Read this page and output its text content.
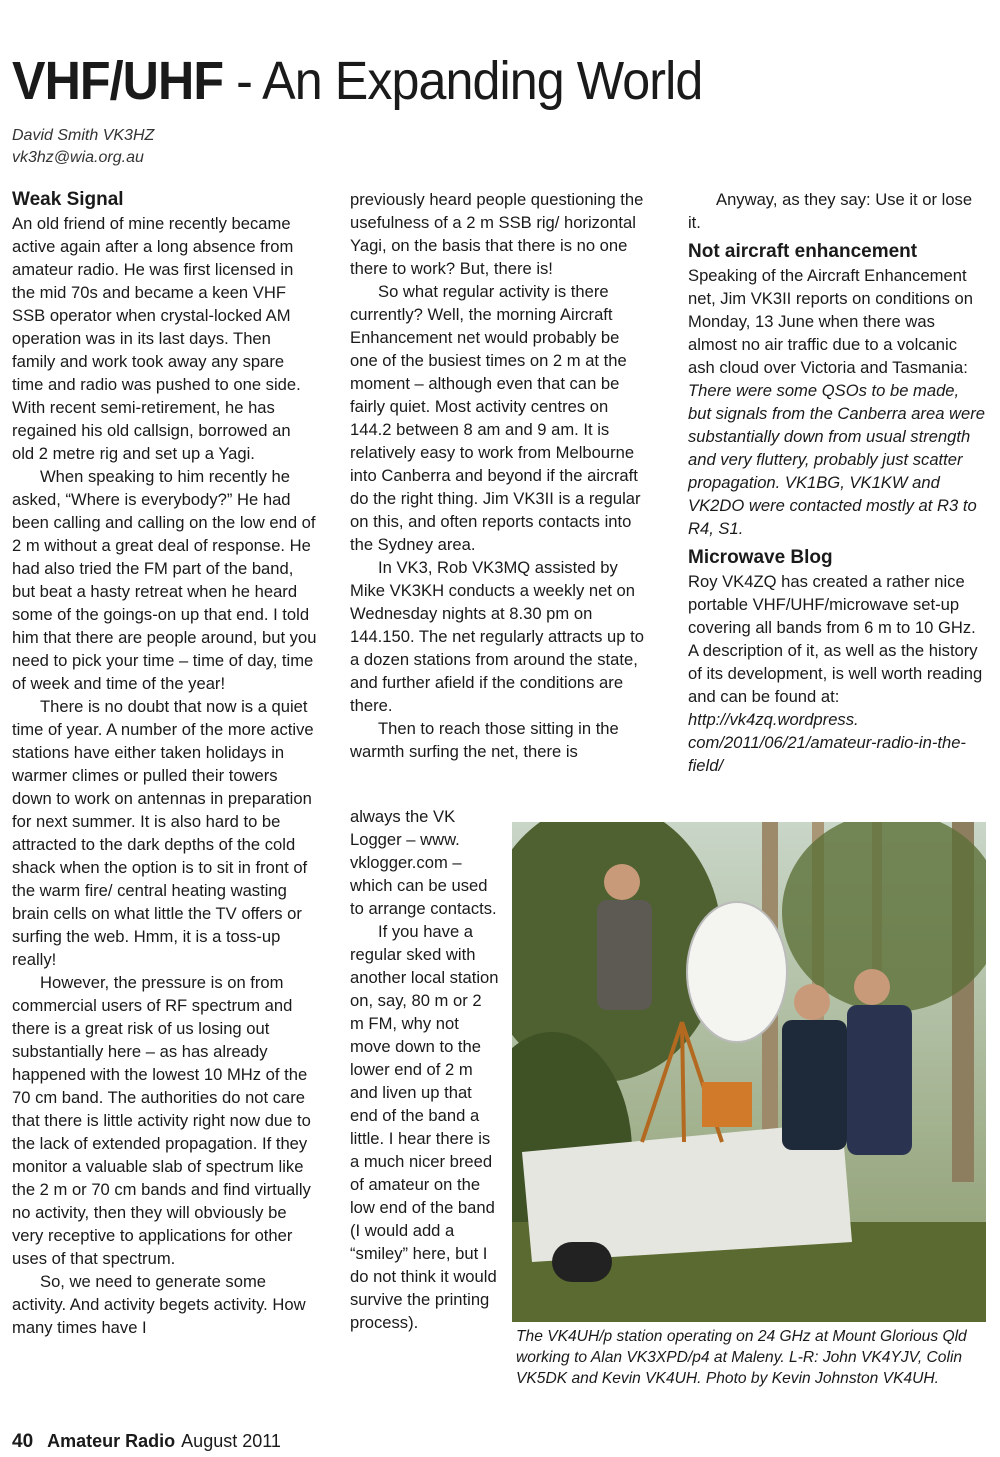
VHF/UHF - An Expanding World
David Smith VK3HZ
vk3hz@wia.org.au
Weak Signal

An old friend of mine recently became active again after a long absence from amateur radio. He was first licensed in the mid 70s and became a keen VHF SSB operator when crystal-locked AM operation was in its last days. Then family and work took away any spare time and radio was pushed to one side. With recent semi-retirement, he has regained his old callsign, borrowed an old 2 metre rig and set up a Yagi.

When speaking to him recently he asked, “Where is everybody?” He had been calling and calling on the low end of 2 m without a great deal of response. He had also tried the FM part of the band, but beat a hasty retreat when he heard some of the goings-on up that end. I told him that there are people around, but you need to pick your time – time of day, time of week and time of the year!

There is no doubt that now is a quiet time of year. A number of the more active stations have either taken holidays in warmer climes or pulled their towers down to work on antennas in preparation for next summer. It is also hard to be attracted to the dark depths of the cold shack when the option is to sit in front of the warm fire/ central heating wasting brain cells on what little the TV offers or surfing the web. Hmm, it is a toss-up really!

However, the pressure is on from commercial users of RF spectrum and there is a great risk of us losing out substantially here – as has already happened with the lowest 10 MHz of the 70 cm band. The authorities do not care that there is little activity right now due to the lack of extended propagation. If they monitor a valuable slab of spectrum like the 2 m or 70 cm bands and find virtually no activity, then they will obviously be very receptive to applications for other uses of that spectrum.

So, we need to generate some activity. And activity begets activity. How many times have I

previously heard people questioning the usefulness of a 2 m SSB rig/ horizontal Yagi, on the basis that there is no one there to work? But, there is!

So what regular activity is there currently? Well, the morning Aircraft Enhancement net would probably be one of the busiest times on 2 m at the moment – although even that can be fairly quiet. Most activity centres on 144.2 between 8 am and 9 am. It is relatively easy to work from Melbourne into Canberra and beyond if the aircraft do the right thing. Jim VK3II is a regular on this, and often reports contacts into the Sydney area.

In VK3, Rob VK3MQ assisted by Mike VK3KH conducts a weekly net on Wednesday nights at 8.30 pm on 144.150. The net regularly attracts up to a dozen stations from around the state, and further afield if the conditions are there.

Then to reach those sitting in the warmth surfing the net, there is

always the VK Logger – www. vklogger.com – which can be used to arrange contacts.

If you have a regular sked with another local station on, say, 80 m or 2 m FM, why not move down to the lower end of 2 m and liven up that end of the band a little. I hear there is a much nicer breed of amateur on the low end of the band (I would add a “smiley” here, but I do not think it would survive the printing process).

Anyway, as they say: Use it or lose it.

Not aircraft enhancement

Speaking of the Aircraft Enhancement net, Jim VK3II reports on conditions on Monday, 13 June when there was almost no air traffic due to a volcanic ash cloud over Victoria and Tasmania:

There were some QSOs to be made, but signals from the Canberra area were substantially down from usual strength and very fluttery, probably just scatter propagation. VK1BG, VK1KW and VK2DO were contacted mostly at R3 to R4, S1.

Microwave Blog

Roy VK4ZQ has created a rather nice portable VHF/UHF/microwave set-up covering all bands from 6 m to 10 GHz. A description of it, as well as the history of its development, is well worth reading and can be found at: http://vk4zq.wordpress. com/2011/06/21/amateur-radio-in-the-field/

The VK4UH/p station operating on 24 GHz at Mount Glorious Qld working to Alan VK3XPD/p4 at Maleny. L-R: John VK4YJV, Colin VK5DK and Kevin VK4UH. Photo by Kevin Johnston VK4UH.
40 Amateur Radio August 2011
